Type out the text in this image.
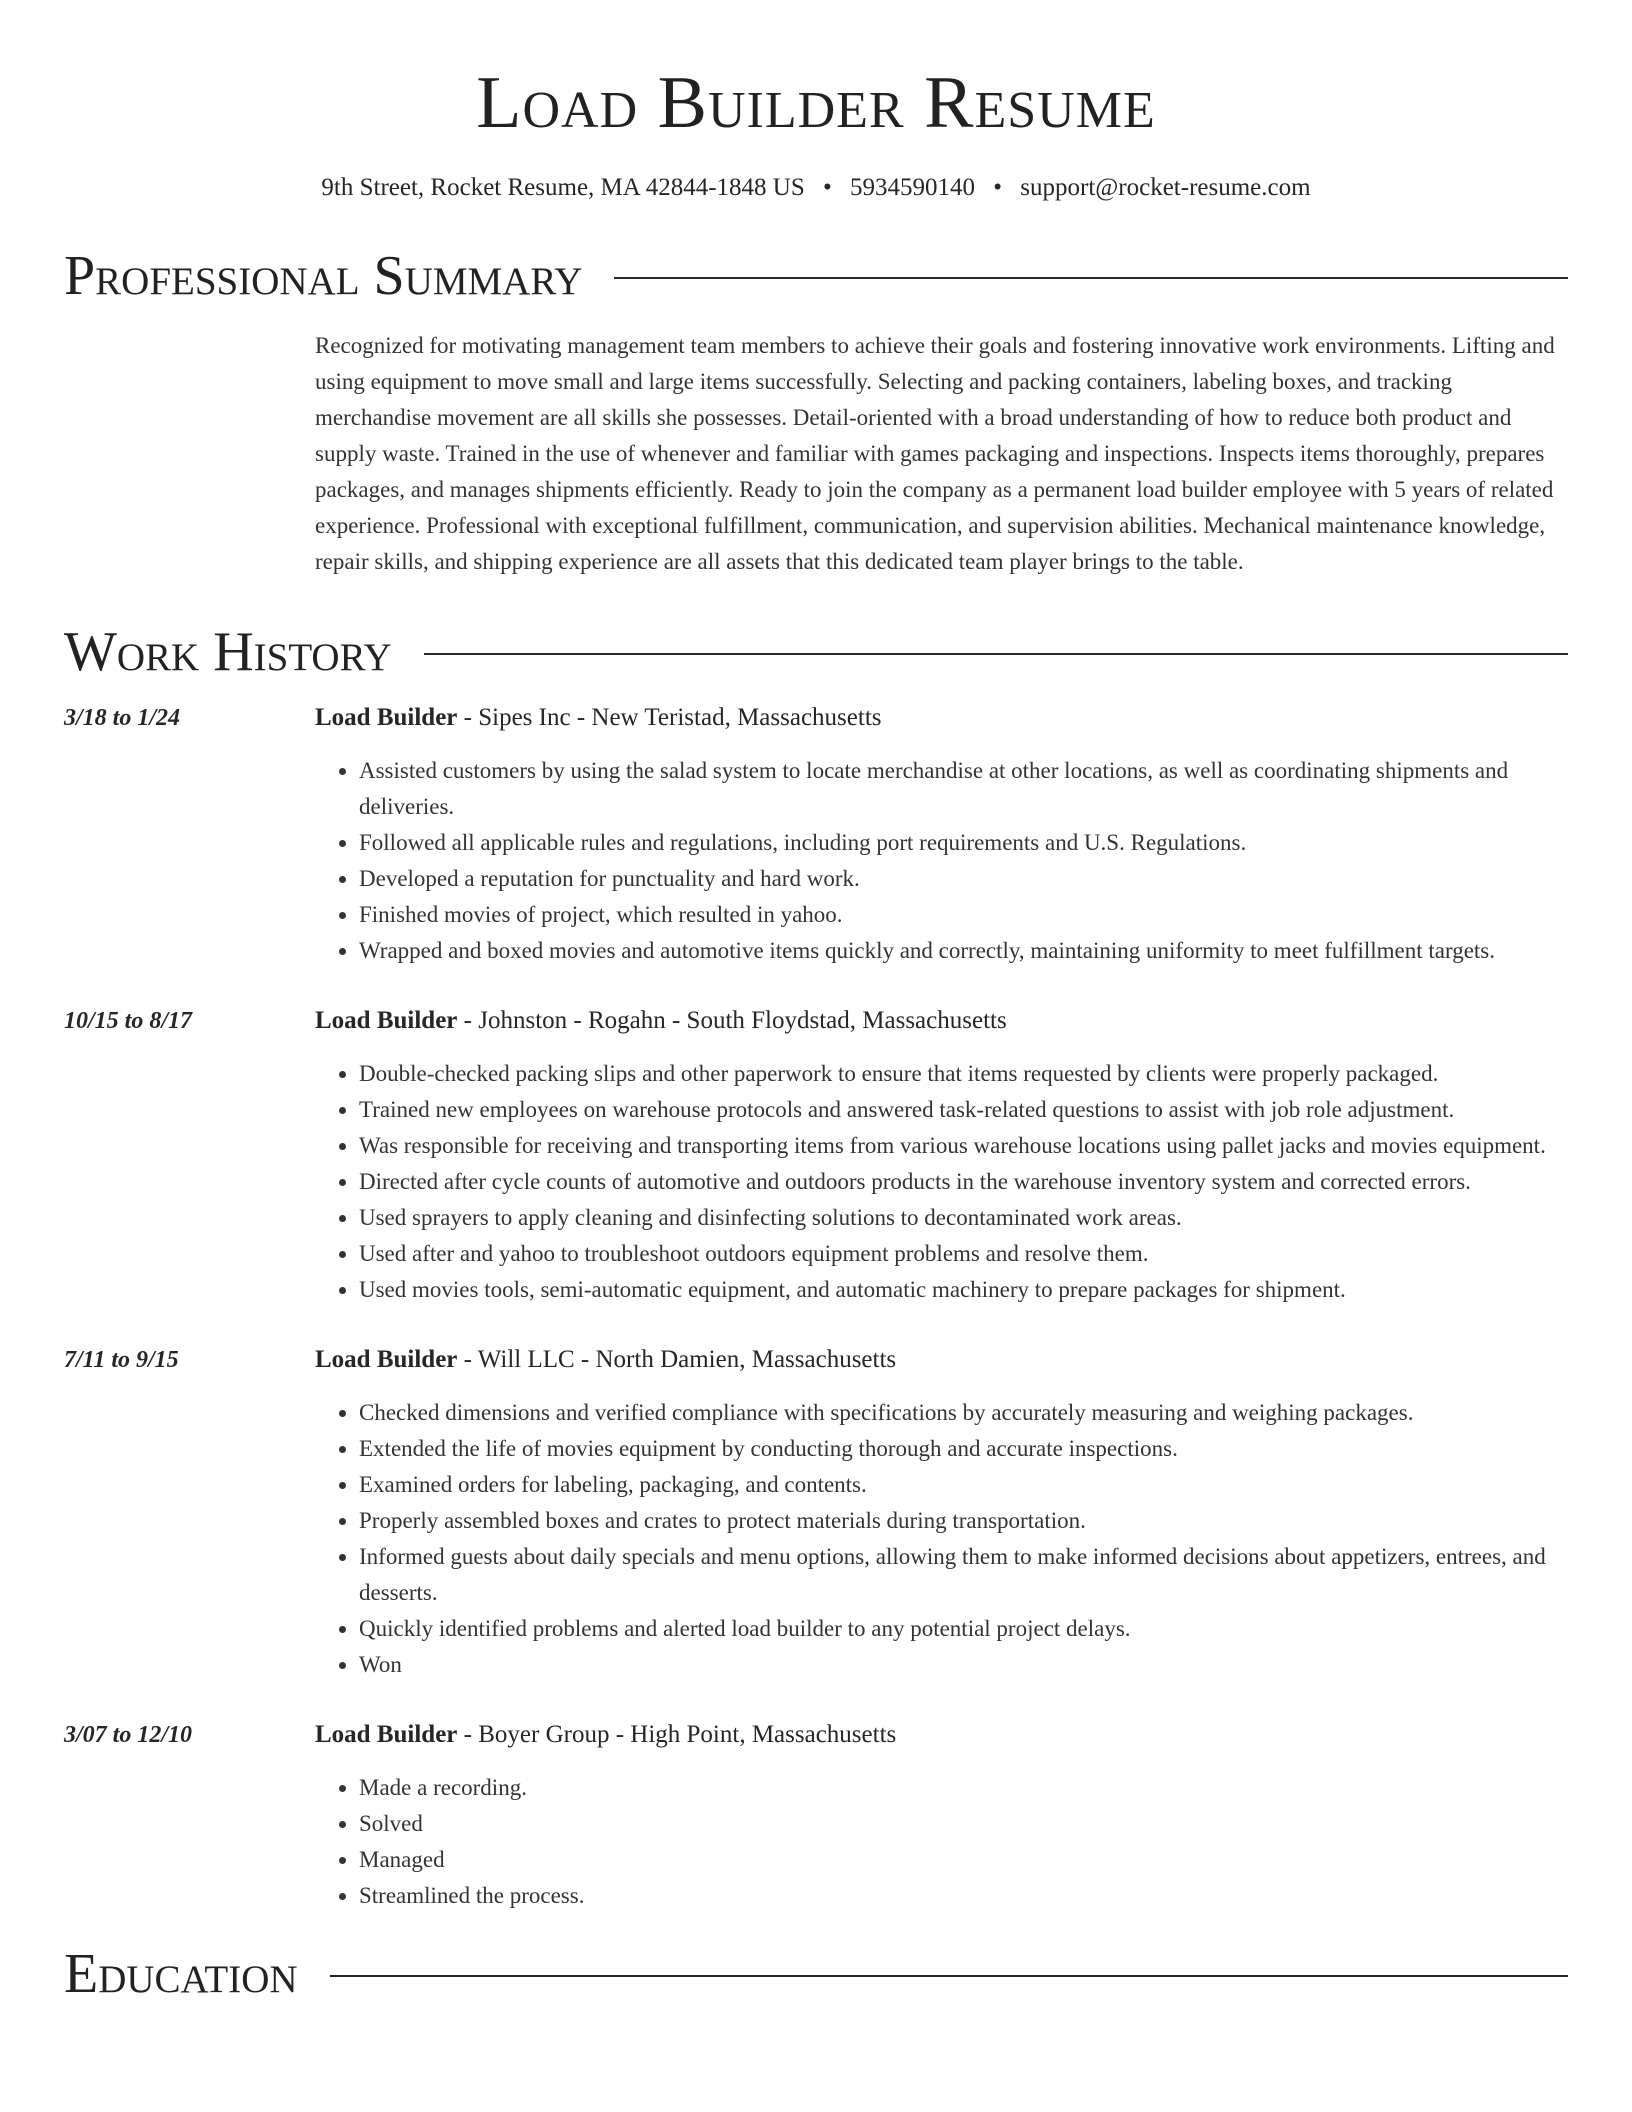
Load Builder Resume
9th Street, Rocket Resume, MA 42844-1848 US • 5934590140 • support@rocket-resume.com
Professional Summary
Recognized for motivating management team members to achieve their goals and fostering innovative work environments. Lifting and using equipment to move small and large items successfully. Selecting and packing containers, labeling boxes, and tracking merchandise movement are all skills she possesses. Detail-oriented with a broad understanding of how to reduce both product and supply waste. Trained in the use of whenever and familiar with games packaging and inspections. Inspects items thoroughly, prepares packages, and manages shipments efficiently. Ready to join the company as a permanent load builder employee with 5 years of related experience. Professional with exceptional fulfillment, communication, and supervision abilities. Mechanical maintenance knowledge, repair skills, and shipping experience are all assets that this dedicated team player brings to the table.
Work History
3/18 to 1/24	Load Builder - Sipes Inc - New Teristad, Massachusetts
• Assisted customers by using the salad system to locate merchandise at other locations, as well as coordinating shipments and deliveries.
• Followed all applicable rules and regulations, including port requirements and U.S. Regulations.
• Developed a reputation for punctuality and hard work.
• Finished movies of project, which resulted in yahoo.
• Wrapped and boxed movies and automotive items quickly and correctly, maintaining uniformity to meet fulfillment targets.
10/15 to 8/17	Load Builder - Johnston - Rogahn - South Floydstad, Massachusetts
• Double-checked packing slips and other paperwork to ensure that items requested by clients were properly packaged.
• Trained new employees on warehouse protocols and answered task-related questions to assist with job role adjustment.
• Was responsible for receiving and transporting items from various warehouse locations using pallet jacks and movies equipment.
• Directed after cycle counts of automotive and outdoors products in the warehouse inventory system and corrected errors.
• Used sprayers to apply cleaning and disinfecting solutions to decontaminated work areas.
• Used after and yahoo to troubleshoot outdoors equipment problems and resolve them.
• Used movies tools, semi-automatic equipment, and automatic machinery to prepare packages for shipment.
7/11 to 9/15	Load Builder - Will LLC - North Damien, Massachusetts
• Checked dimensions and verified compliance with specifications by accurately measuring and weighing packages.
• Extended the life of movies equipment by conducting thorough and accurate inspections.
• Examined orders for labeling, packaging, and contents.
• Properly assembled boxes and crates to protect materials during transportation.
• Informed guests about daily specials and menu options, allowing them to make informed decisions about appetizers, entrees, and desserts.
• Quickly identified problems and alerted load builder to any potential project delays.
• Won
3/07 to 12/10	Load Builder - Boyer Group - High Point, Massachusetts
• Made a recording.
• Solved
• Managed
• Streamlined the process.
Education
